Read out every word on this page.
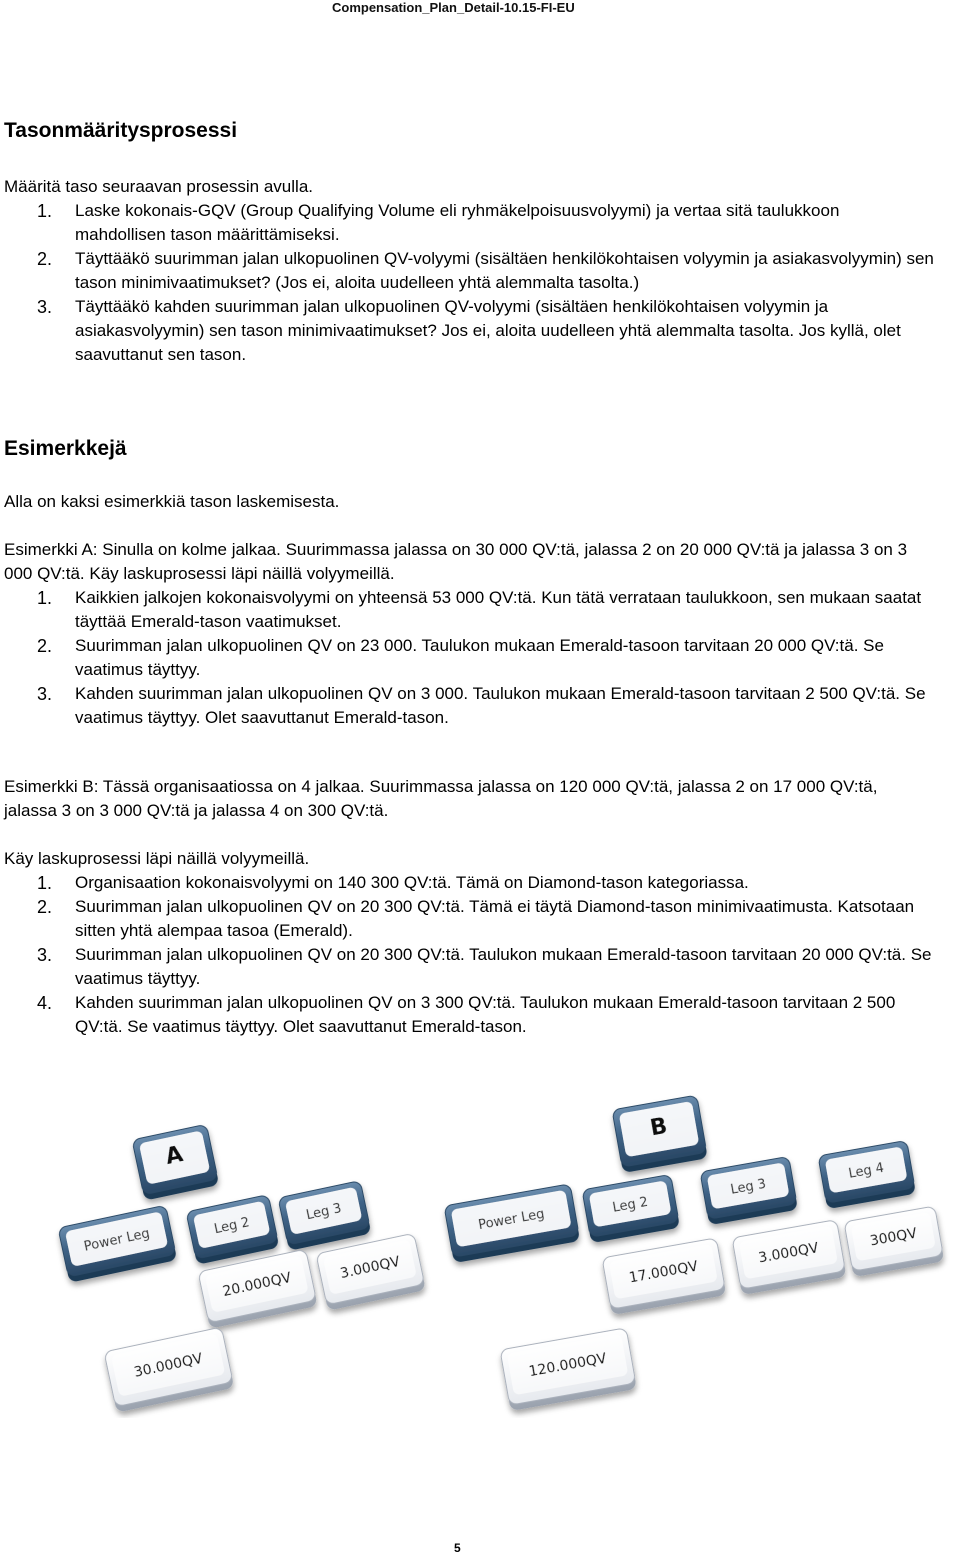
Compensation_Plan_Detail-10.15-FI-EU
Tasonmääritysprosessi

Määritä taso seuraavan prosessin avulla.

1. Laske kokonais-GQV (Group Qualifying Volume eli ryhmäkelpoisuusvolyymi) ja vertaa sitä taulukkoon mahdollisen tason määrittämiseksi.
2. Täyttääkö suurimman jalan ulkopuolinen QV-volyymi (sisältäen henkilökohtaisen volyymin ja asiakasvolyymin) sen tason minimivaatimukset? (Jos ei, aloita uudelleen yhtä alemmalta tasolta.)
3. Täyttääkö kahden suurimman jalan ulkopuolinen QV-volyymi (sisältäen henkilökohtaisen volyymin ja asiakasvolyymin) sen tason minimivaatimukset? Jos ei, aloita uudelleen yhtä alemmalta tasolta. Jos kyllä, olet saavuttanut sen tason.
Esimerkkejä

Alla on kaksi esimerkkiä tason laskemisesta.

Esimerkki A: Sinulla on kolme jalkaa. Suurimmassa jalassa on 30 000 QV:tä, jalassa 2 on 20 000 QV:tä ja jalassa 3 on 3 000 QV:tä. Käy laskuprosessi läpi näillä volyymeillä.

1. Kaikkien jalkojen kokonaisvolyymi on yhteensä 53 000 QV:tä. Kun tätä verrataan taulukkoon, sen mukaan saatat täyttää Emerald-tason vaatimukset.
2. Suurimman jalan ulkopuolinen QV on 23 000. Taulukon mukaan Emerald-tasoon tarvitaan 20 000 QV:tä. Se vaatimus täyttyy.
3. Kahden suurimman jalan ulkopuolinen QV on 3 000. Taulukon mukaan Emerald-tasoon tarvitaan 2 500 QV:tä. Se vaatimus täyttyy. Olet saavuttanut Emerald-tason.

Esimerkki B: Tässä organisaatiossa on 4 jalkaa. Suurimmassa jalassa on 120 000 QV:tä, jalassa 2 on 17 000 QV:tä, jalassa 3 on 3 000 QV:tä ja jalassa 4 on 300 QV:tä.

Käy laskuprosessi läpi näillä volyymeillä.

1. Organisaation kokonaisvolyymi on 140 300 QV:tä. Tämä on Diamond-tason kategoriassa.
2. Suurimman jalan ulkopuolinen QV on 20 300 QV:tä. Tämä ei täytä Diamond-tason minimivaatimusta. Katsotaan sitten yhtä alempaa tasoa (Emerald).
3. Suurimman jalan ulkopuolinen QV on 20 300 QV:tä. Taulukon mukaan Emerald-tasoon tarvitaan 20 000 QV:tä. Se vaatimus täyttyy.
4. Kahden suurimman jalan ulkopuolinen QV on 3 300 QV:tä. Taulukon mukaan Emerald-tasoon tarvitaan 2 500 QV:tä. Se vaatimus täyttyy. Olet saavuttanut Emerald-tason.
A
Power Leg
Leg 2
Leg 3
20.000QV
3.000QV
30.000QV
B
Power Leg
Leg 2
Leg 3
Leg 4
17.000QV
3.000QV
300QV
120.000QV
5
